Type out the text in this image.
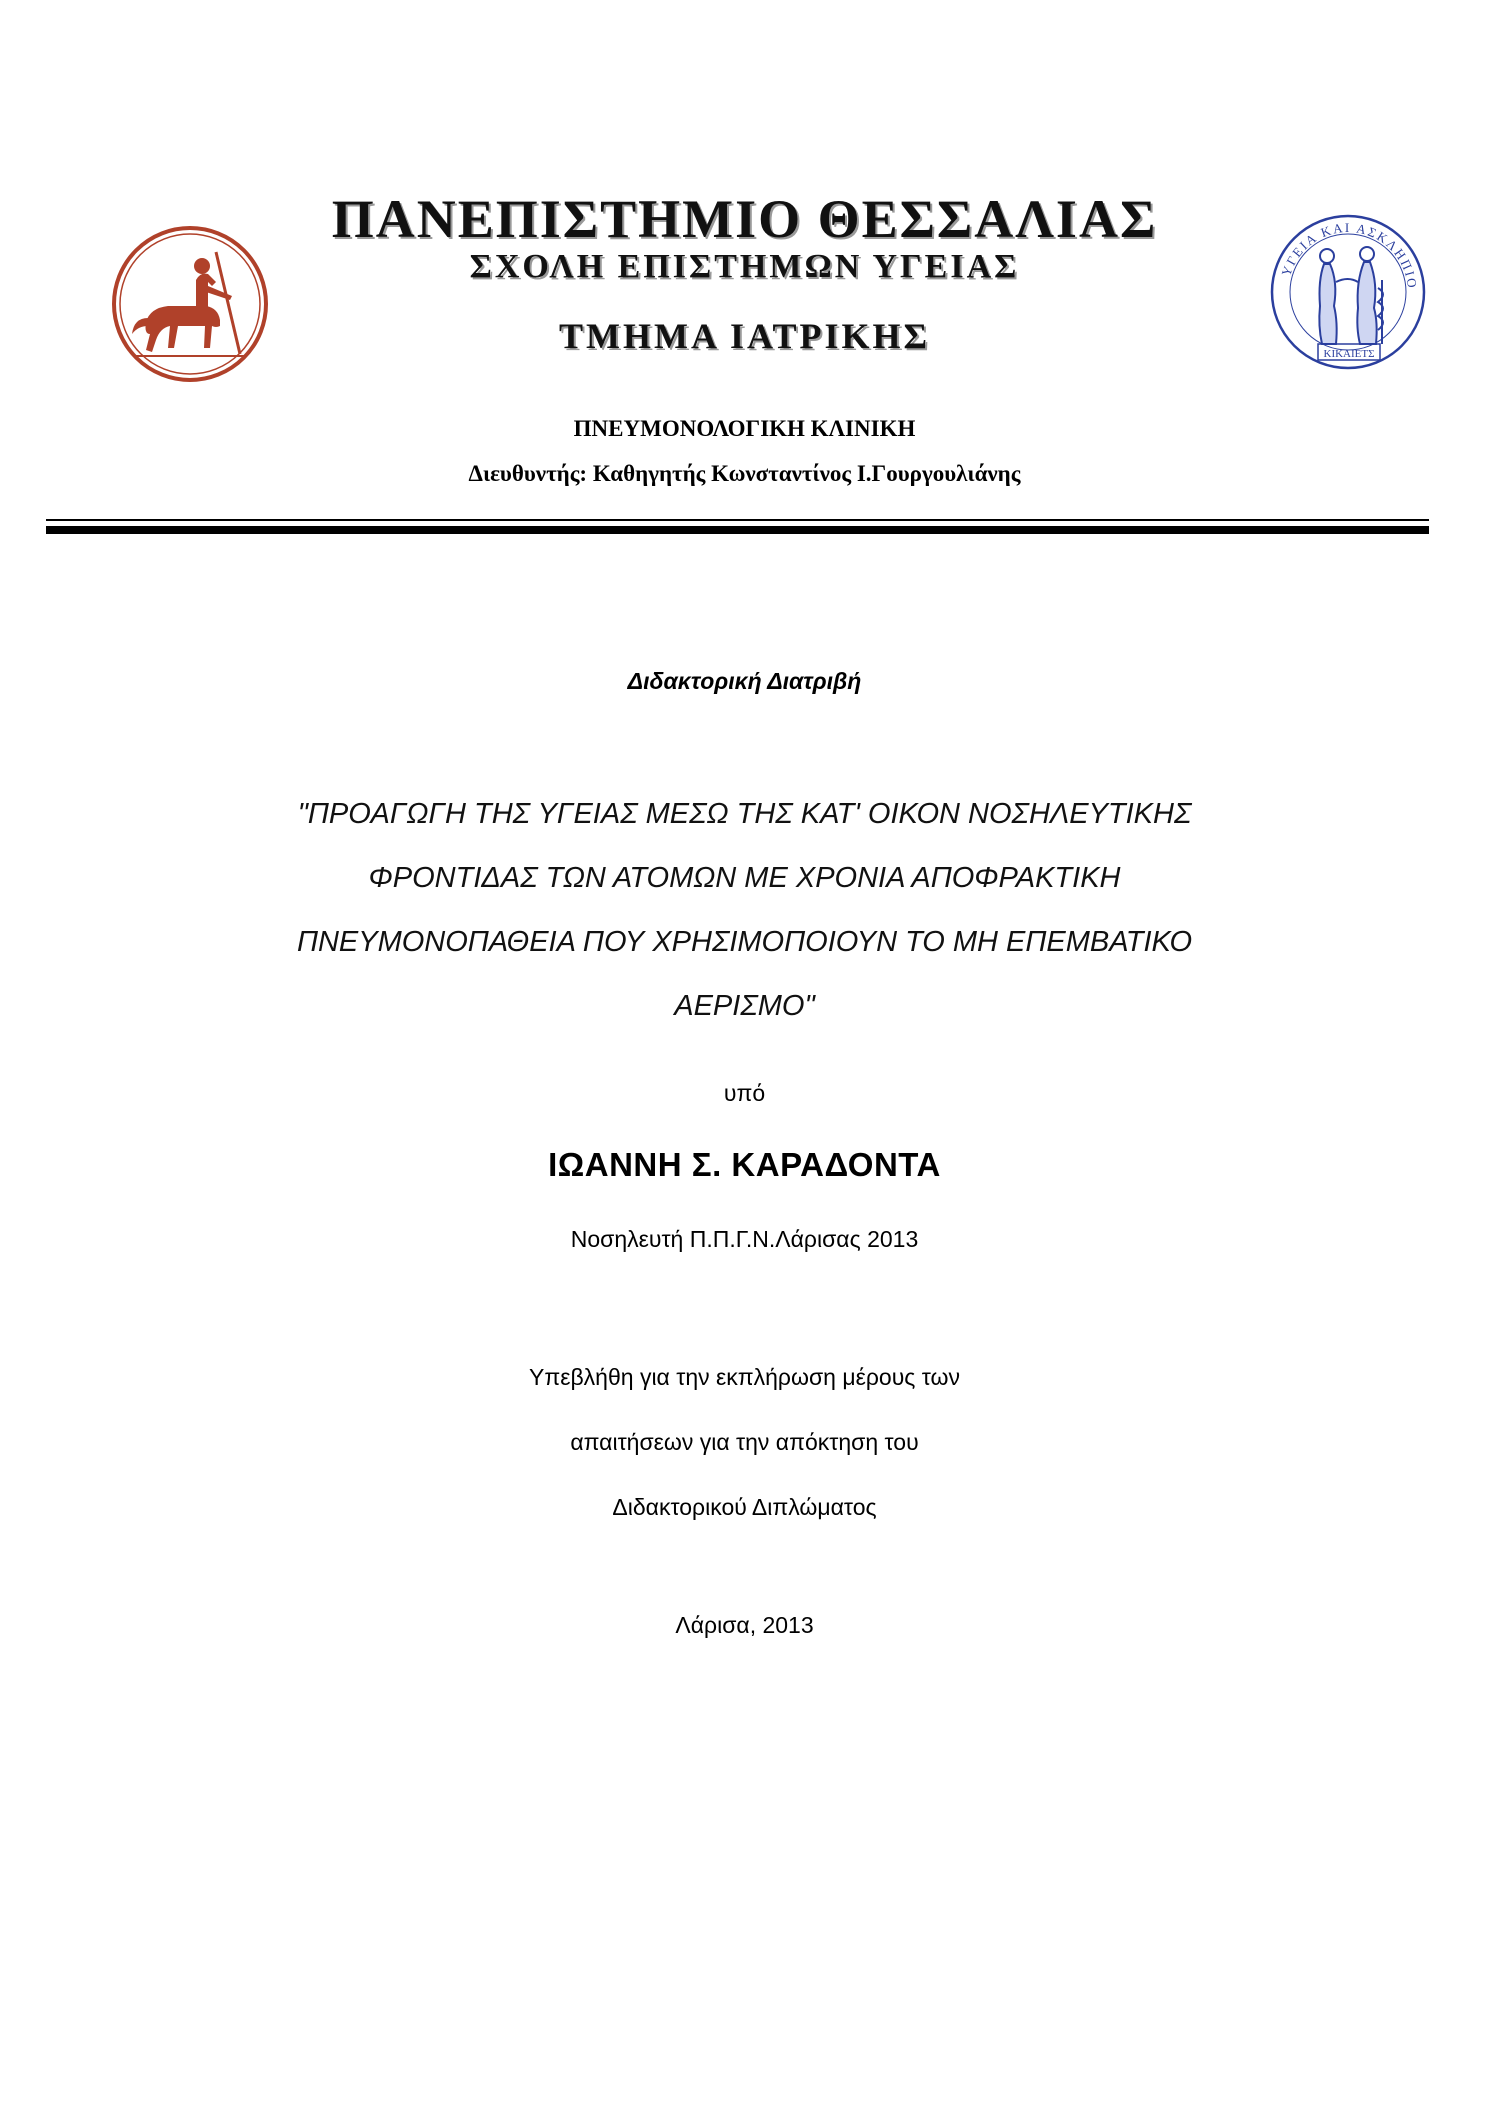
ΥΓΕΙΑ ΚΑΙ ΑΣΚΛΗΠΙΟ
ΚΙΚΑΙΕΤΣ
ΠΑΝΕΠΙΣΤΗΜΙΟ ΘΕΣΣΑΛΙΑΣ
ΣΧΟΛΗ ΕΠΙΣΤΗΜΩΝ ΥΓΕΙΑΣ
ΤΜΗΜΑ ΙΑΤΡΙΚΗΣ
ΠΝΕΥΜΟΝΟΛΟΓΙΚΗ ΚΛΙΝΙΚΗ
Διευθυντής: Καθηγητής Κωνσταντίνος Ι.Γουργουλιάνης
Διδακτορική Διατριβή
"ΠΡΟΑΓΩΓΗ ΤΗΣ ΥΓΕΙΑΣ ΜΕΣΩ ΤΗΣ ΚΑΤ' ΟΙΚΟΝ ΝΟΣΗΛΕΥΤΙΚΗΣ
ΦΡΟΝΤΙΔΑΣ ΤΩΝ ΑΤΟΜΩΝ ΜΕ ΧΡΟΝΙΑ ΑΠΟΦΡΑΚΤΙΚΗ
ΠΝΕΥΜΟΝΟΠΑΘΕΙΑ ΠΟΥ ΧΡΗΣΙΜΟΠΟΙΟΥΝ ΤΟ ΜΗ ΕΠΕΜΒΑΤΙΚΟ
ΑΕΡΙΣΜΟ"
υπό
ΙΩΑΝΝΗ Σ. ΚΑΡΑΔΟΝΤΑ
Νοσηλευτή Π.Π.Γ.Ν.Λάρισας 2013
Υπεβλήθη για την εκπλήρωση μέρους των
απαιτήσεων για την απόκτηση του
Διδακτορικού Διπλώματος
Λάρισα, 2013
